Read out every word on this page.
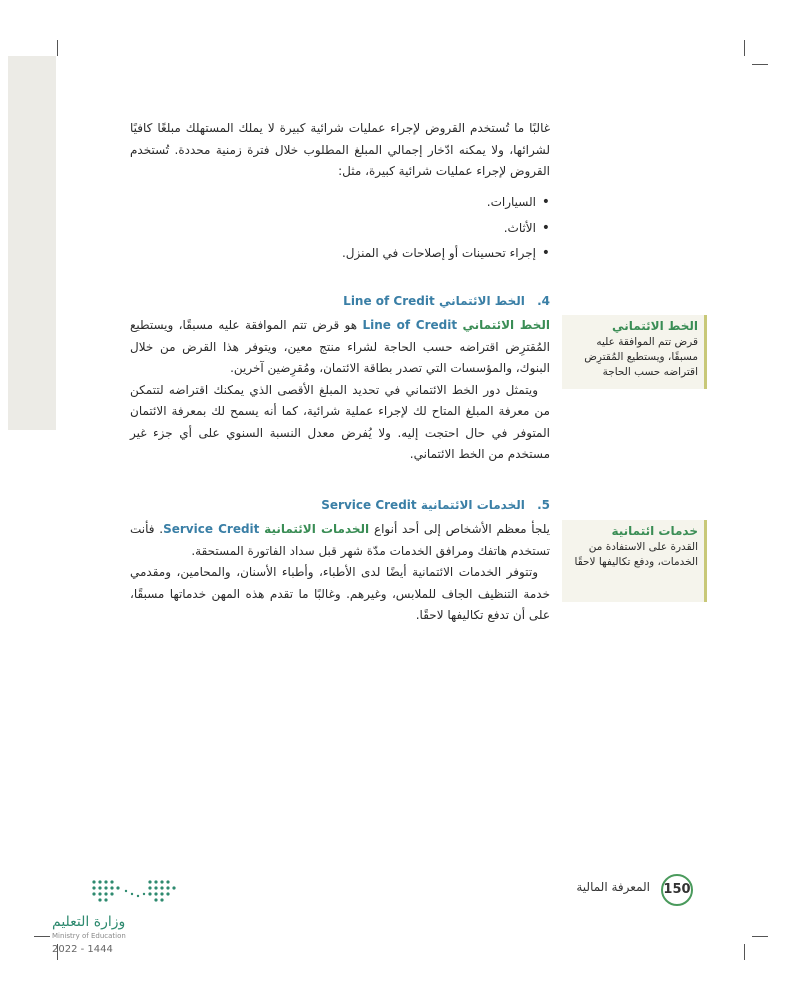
غالبًا ما تُستخدم القروض لإجراء عمليات شرائية كبيرة لا يملك المستهلك مبلغًا كافيًا لشرائها، ولا يمكنه ادّخار إجمالي المبلغ المطلوب خلال فترة زمنية محددة. تُستخدم القروض لإجراء عمليات شرائية كبيرة، مثل:

• السيارات.
• الأثاث.
• إجراء تحسينات أو إصلاحات في المنزل.
4. الخط الائتماني Line of Credit

الخط الائتماني Line of Credit هو قرض تتم الموافقة عليه مسبقًا، ويستطيع المُقترِض اقتراضه حسب الحاجة لشراء منتج معين، ويتوفر هذا القرض من خلال البنوك، والمؤسسات التي تصدر بطاقة الائتمان، ومُقرِضين آخرين.

ويتمثل دور الخط الائتماني في تحديد المبلغ الأقصى الذي يمكنك اقتراضه لتتمكن من معرفة المبلغ المتاح لك لإجراء عملية شرائية، كما أنه يسمح لك بمعرفة الائتمان المتوفر في حال احتجت إليه. ولا يُفرض معدل النسبة السنوي على أي جزء غير مستخدم من الخط الائتماني.

5. الخدمات الائتمانية Service Credit

يلجأ معظم الأشخاص إلى أحد أنواع الخدمات الائتمانية Service Credit. فأنت تستخدم هاتفك ومرافق الخدمات مدّة شهر قبل سداد الفاتورة المستحقة.

وتتوفر الخدمات الائتمانية أيضًا لدى الأطباء، وأطباء الأسنان، والمحامين، ومقدمي خدمة التنظيف الجاف للملابس، وغيرهم. وغالبًا ما تقدم هذه المهن خدماتها مسبقًا، على أن تدفع تكاليفها لاحقًا.

الخط الائتماني
قرض تتم الموافقة عليه مسبقًا، ويستطيع المُقترِض اقتراضه حسب الحاجة
خدمات ائتمانية
القدرة على الاستفادة من الخدمات، ودفع تكاليفها لاحقًا
150
المعرفة المالية
وزارة التعليم
Ministry of Education
2022 - 1444
